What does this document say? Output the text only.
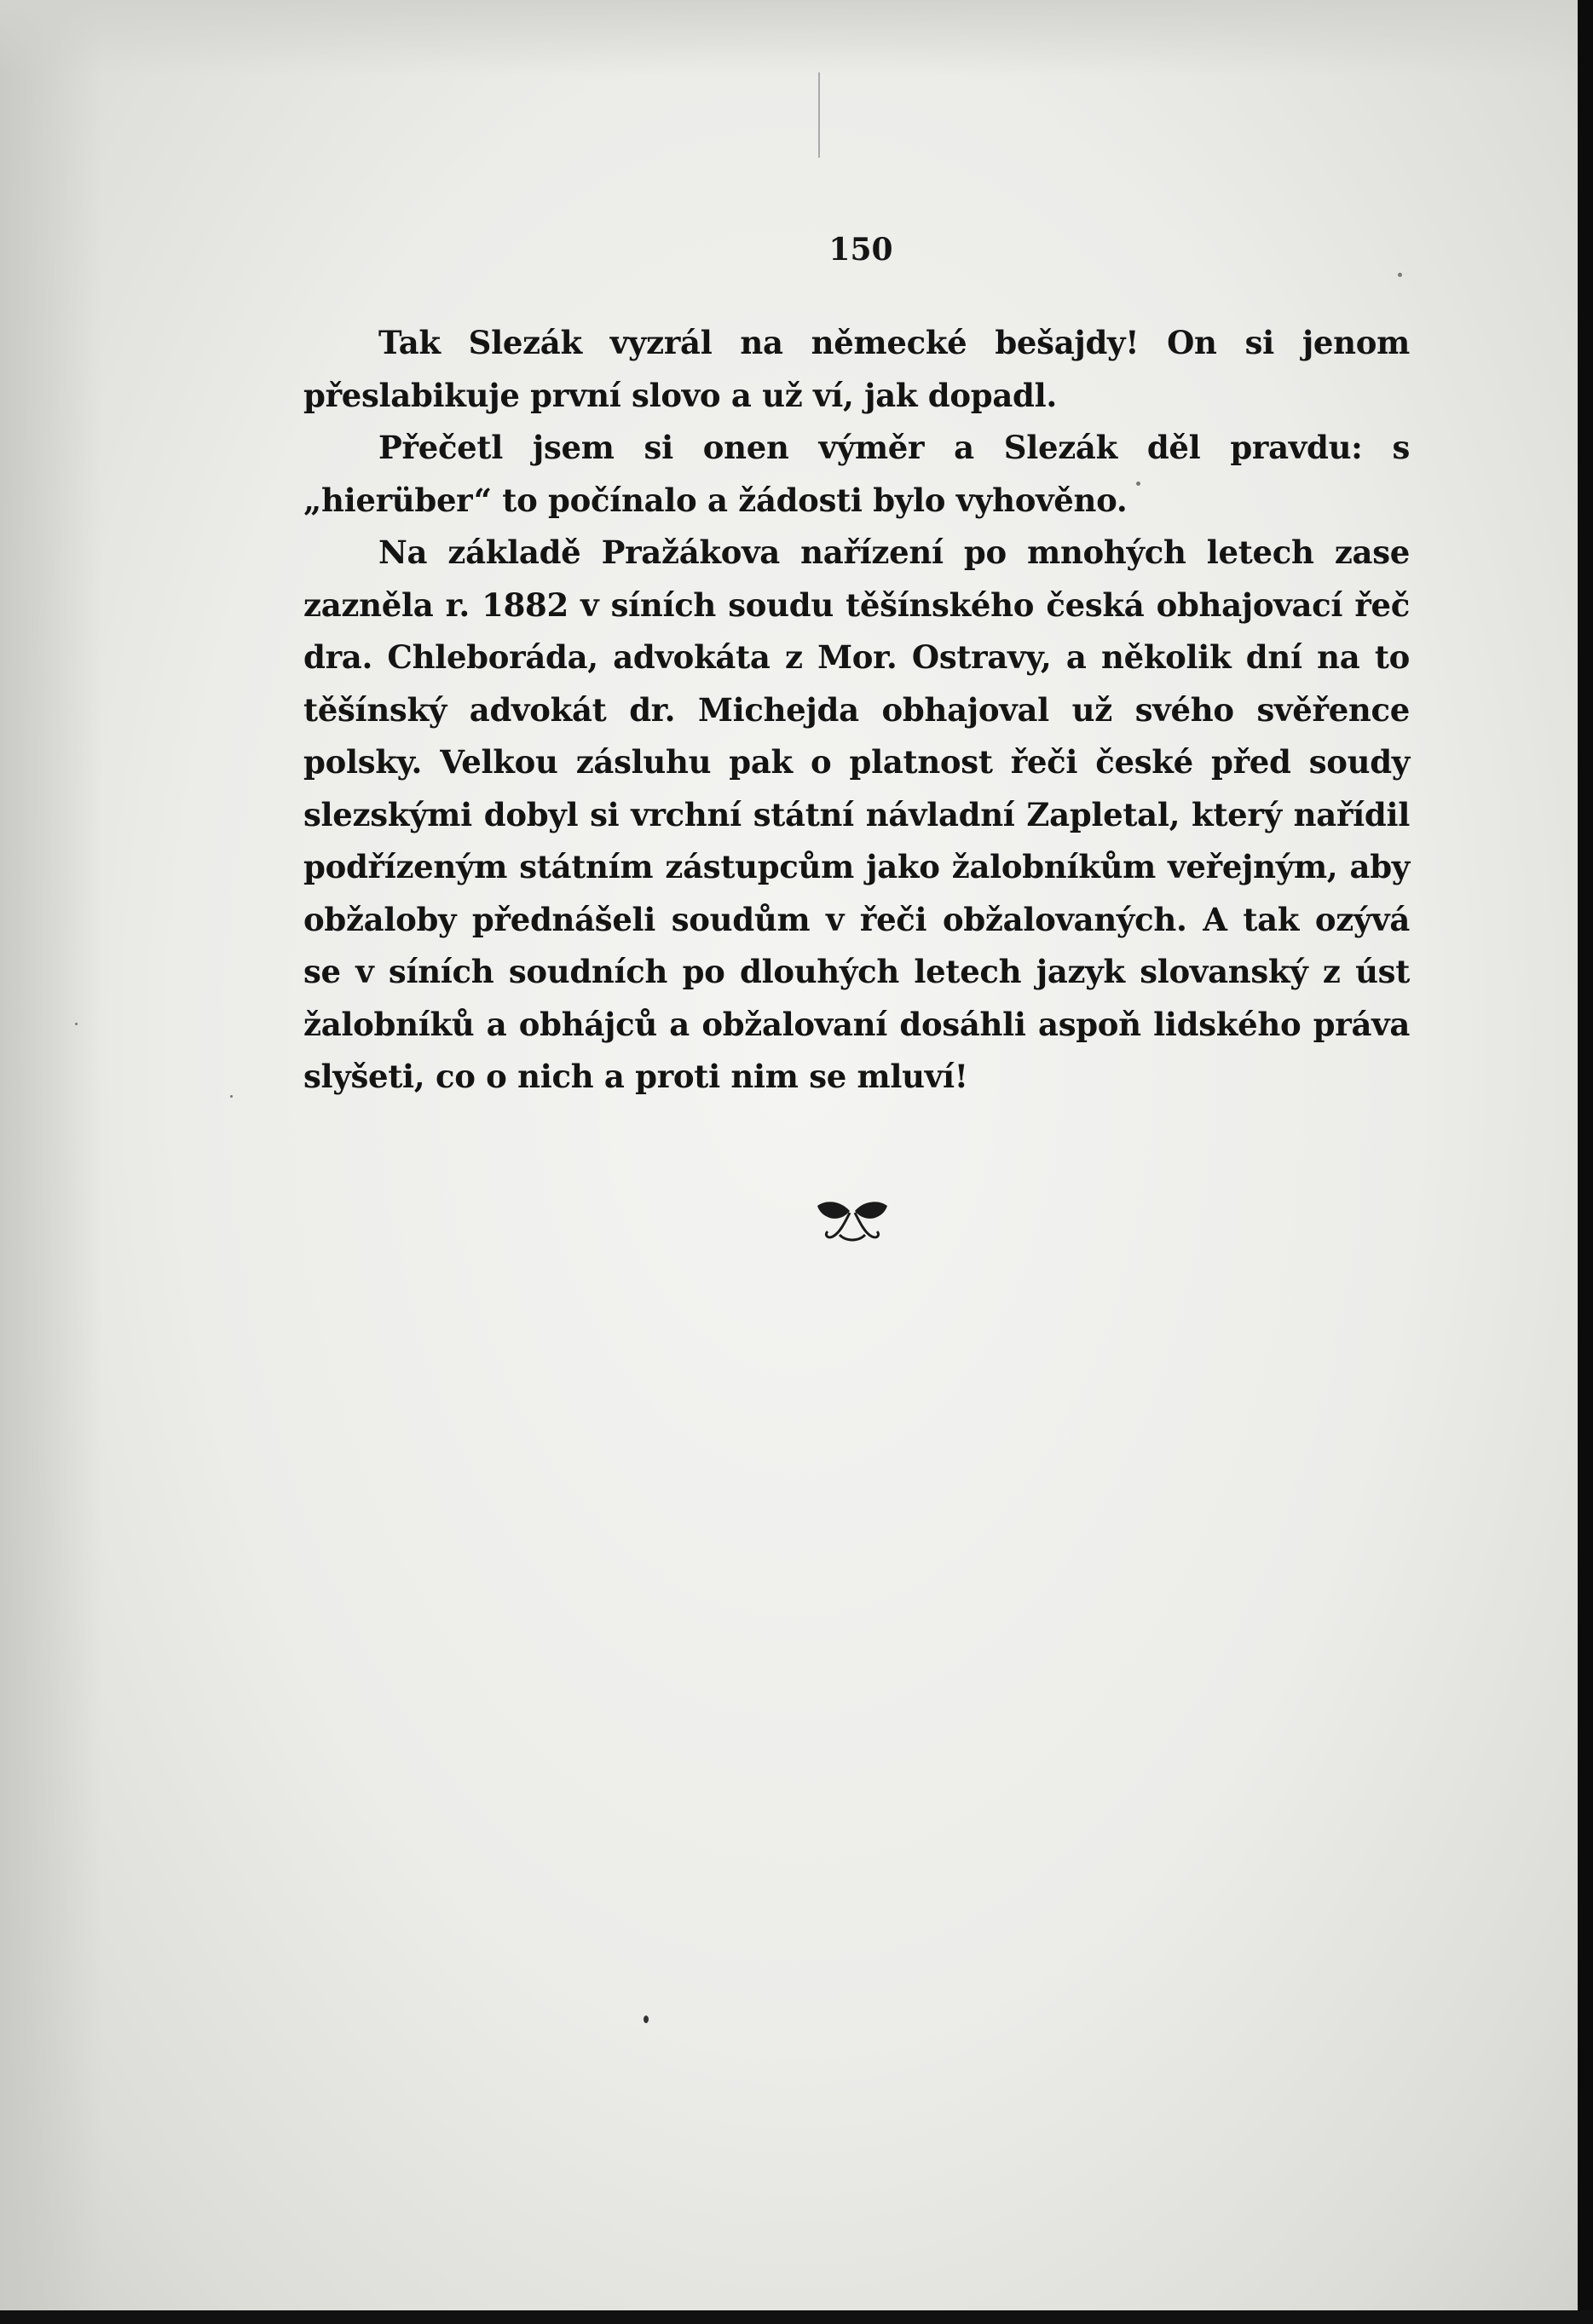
150

Tak Slezák vyzrál na německé bešajdy! On si jenom přeslabikuje první slovo a už ví, jak dopadl.

Přečetl jsem si onen výměr a Slezák děl pravdu: s „hierüber“ to počínalo a žádosti bylo vyhověno.

Na základě Pražákova nařízení po mnohých letech zase zazněla r. 1882 v síních soudu těšínského česká obhajovací řeč dra. Chleboráda, advokáta z Mor. Ostravy, a několik dní na to těšínský advokát dr. Michejda obhajoval už svého svěřence polsky. Velkou zásluhu pak o platnost řeči české před soudy slezskými dobyl si vrchní státní návladní Zapletal, který nařídil podřízeným státním zástupcům jako žalobníkům veřejným, aby obžaloby přednášeli soudům v řeči obžalovaných. A tak ozývá se v síních soudních po dlouhých letech jazyk slovanský z úst žalobníků a obhájců a obžalovaní dosáhli aspoň lidského práva slyšeti, co o nich a proti nim se mluví!
